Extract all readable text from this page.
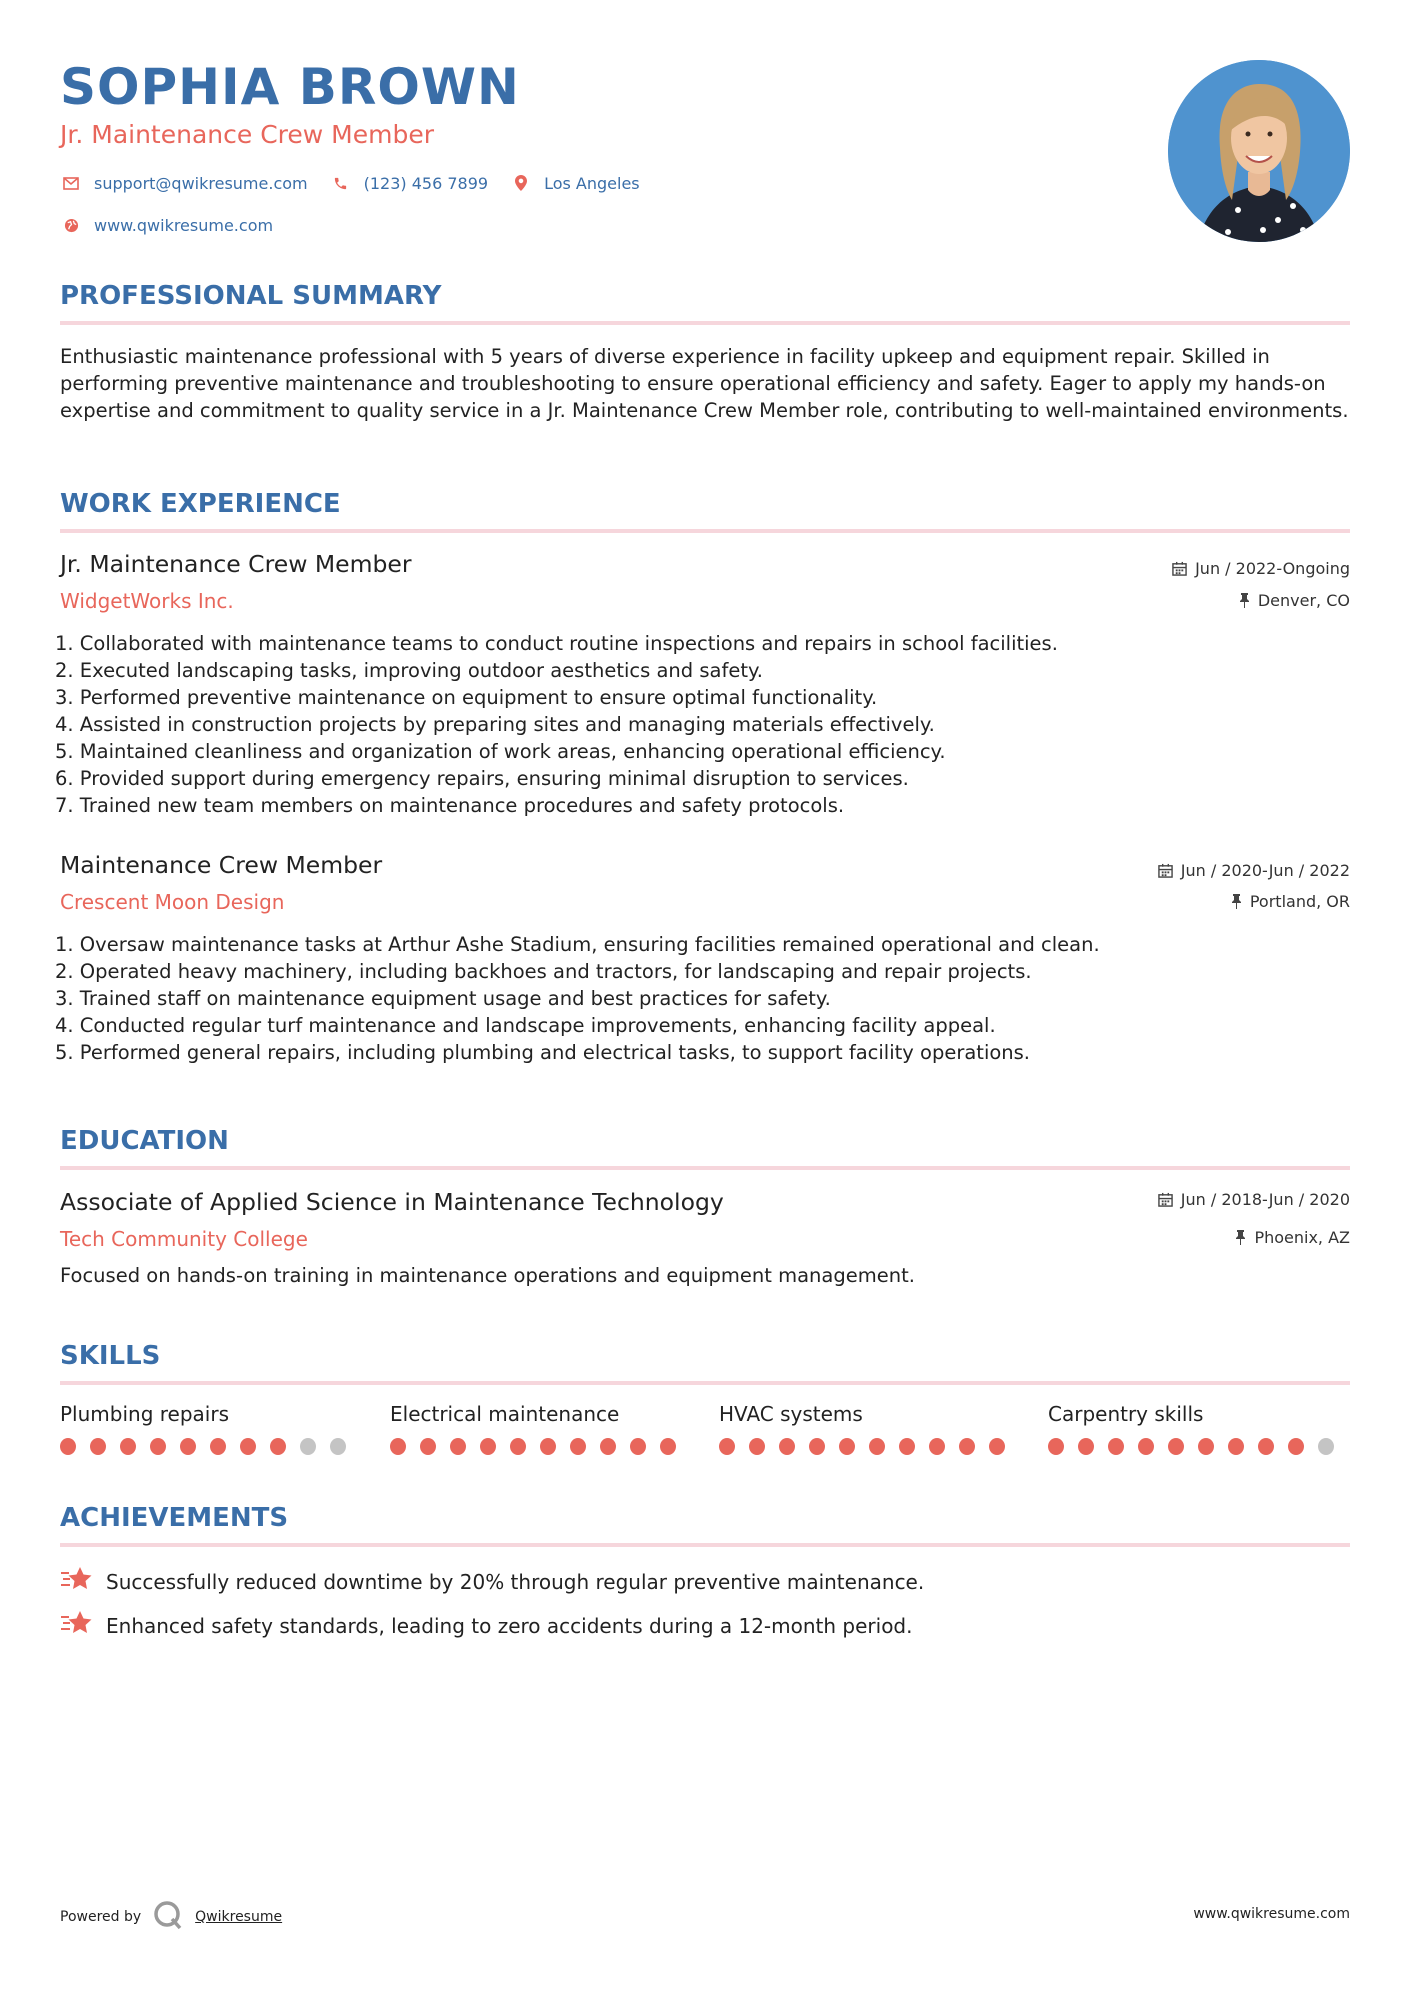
SOPHIA BROWN
Jr. Maintenance Crew Member
support@qwikresume.com	(123) 456 7899	Los Angeles
www.qwikresume.com
PROFESSIONAL SUMMARY

Enthusiastic maintenance professional with 5 years of diverse experience in facility upkeep and equipment repair. Skilled in performing preventive maintenance and troubleshooting to ensure operational efficiency and safety. Eager to apply my hands-on expertise and commitment to quality service in a Jr. Maintenance Crew Member role, contributing to well-maintained environments.

WORK EXPERIENCE
Jr. Maintenance Crew Member
WidgetWorks Inc.
Jun / 2022-Ongoing
Denver, CO
1. Collaborated with maintenance teams to conduct routine inspections and repairs in school facilities.
2. Executed landscaping tasks, improving outdoor aesthetics and safety.
3. Performed preventive maintenance on equipment to ensure optimal functionality.
4. Assisted in construction projects by preparing sites and managing materials effectively.
5. Maintained cleanliness and organization of work areas, enhancing operational efficiency.
6. Provided support during emergency repairs, ensuring minimal disruption to services.
7. Trained new team members on maintenance procedures and safety protocols.
Maintenance Crew Member
Crescent Moon Design
Jun / 2020-Jun / 2022
Portland, OR
1. Oversaw maintenance tasks at Arthur Ashe Stadium, ensuring facilities remained operational and clean.
2. Operated heavy machinery, including backhoes and tractors, for landscaping and repair projects.
3. Trained staff on maintenance equipment usage and best practices for safety.
4. Conducted regular turf maintenance and landscape improvements, enhancing facility appeal.
5. Performed general repairs, including plumbing and electrical tasks, to support facility operations.
EDUCATION
Associate of Applied Science in Maintenance Technology
Tech Community College
Jun / 2018-Jun / 2020
Phoenix, AZ

Focused on hands-on training in maintenance operations and equipment management.

SKILLS
Plumbing repairs	Electrical maintenance	HVAC systems	Carpentry skills
ACHIEVEMENTS
Successfully reduced downtime by 20% through regular preventive maintenance.
Enhanced safety standards, leading to zero accidents during a 12-month period.
Powered by	Qwikresume	www.qwikresume.com
